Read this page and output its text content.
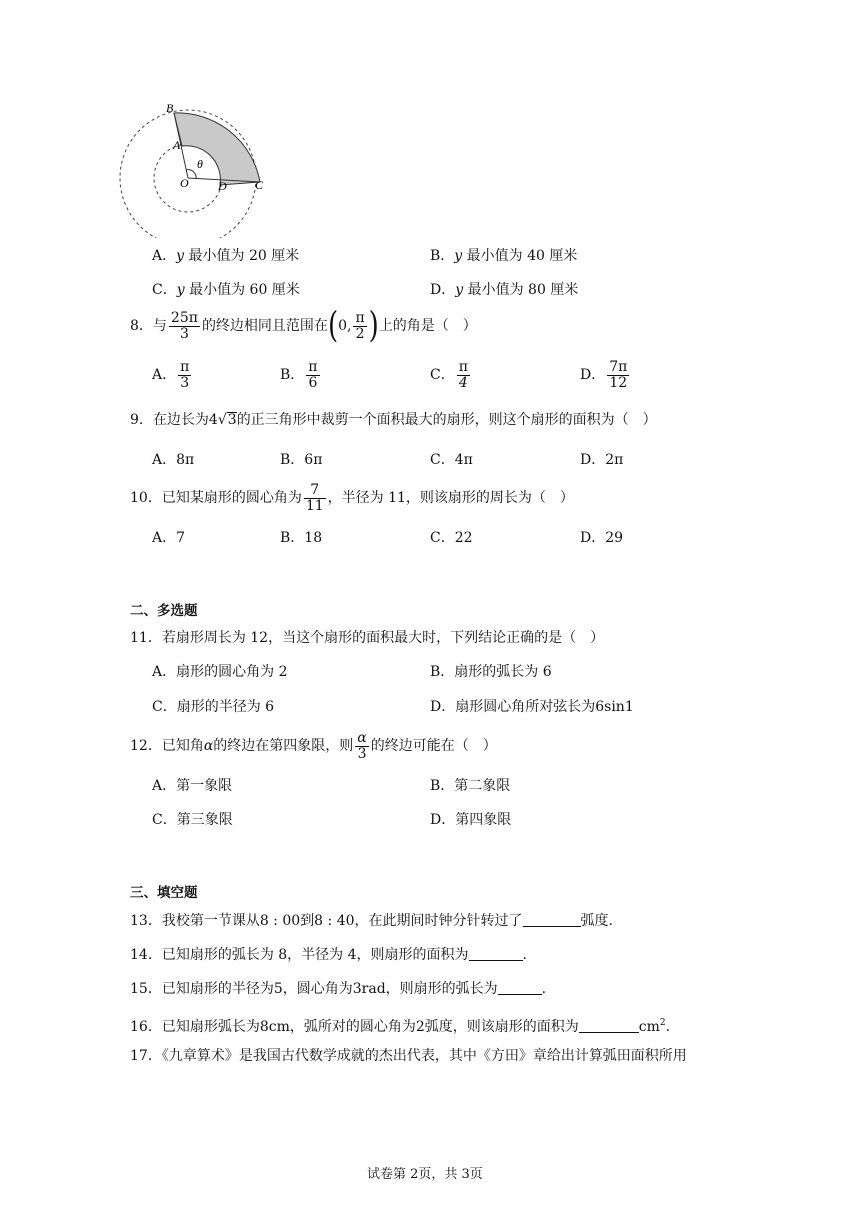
B
A
θ
O D C
A．y 最小值为 20 厘米	B．y 最小值为 40 厘米
C．y 最小值为 60 厘米	D．y 最小值为 80 厘米
8．与 $\frac{25\pi}{3}$ 的终边相同且范围在(0, $\frac{\pi}{2}$ )上的角是（　）
A． $\frac{\pi}{3}$	B． $\frac{\pi}{6}$	C． $\frac{\pi}{4}$	D． $\frac{7\pi}{12}$
9．在边长为4√3的正三角形中裁剪一个面积最大的扇形，则这个扇形的面积为（　）
A．8π	B．6π	C．4π	D．2π
10．已知某扇形的圆心角为 $\frac{7}{11}$ ，半径为 11，则该扇形的周长为（　）
A．7	B．18	C．22	D．29
二、多选题
11．若扇形周长为 12，当这个扇形的面积最大时，下列结论正确的是（　）
A．扇形的圆心角为 2	B．扇形的弧长为 6
C．扇形的半径为 6	D．扇形圆心角所对弦长为6sin1
12．已知角α的终边在第四象限，则 $\frac{\alpha}{3}$ 的终边可能在（　）
A．第一象限	B．第二象限
C．第三象限	D．第四象限
三、填空题
13．我校第一节课从8 : 00到8 : 40，在此期间时钟分针转过了	弧度.
14．已知扇形的弧长为 8，半径为 4，则扇形的面积为	.
15．已知扇形的半径为5，圆心角为3rad，则扇形的弧长为	.
16．已知扇形弧长为8cm，弧所对的圆心角为2弧度，则该扇形的面积为	$cm^2$.
17．《九章算术》是我国古代数学成就的杰出代表，其中《方田》章给出计算弧田面积所用
试卷第 2页，共 3页
